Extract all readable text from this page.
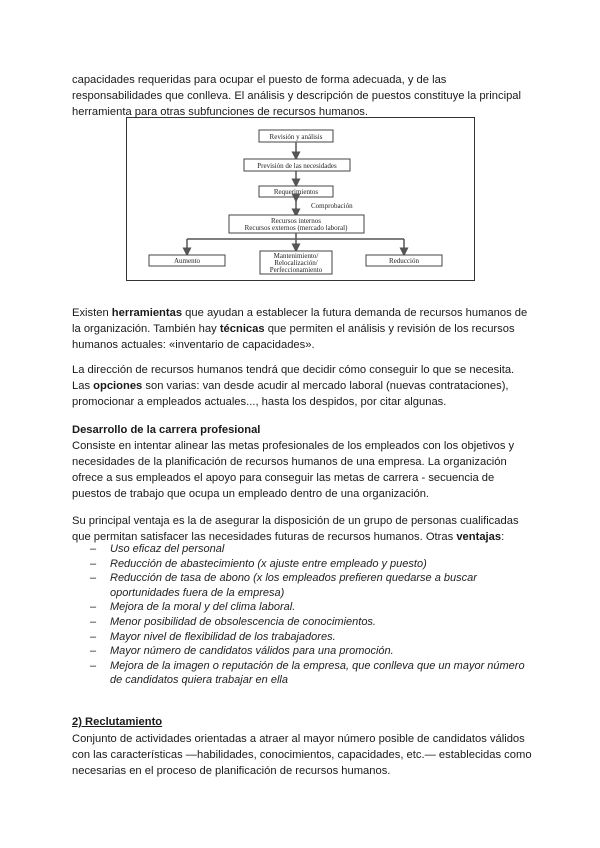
capacidades requeridas para ocupar el puesto de forma adecuada, y de las responsabilidades que conlleva. El análisis y descripción de puestos constituye la principal herramienta para otras subfunciones de recursos humanos.

Revisión y análisis
Previsión de las necesidades
Requerimientos
Comprobación
Recursos internos
Recursos externos (mercado laboral)
Aumento
Mantenimiento/
Relocalización/
Perfeccionamiento
Reducción

Existen herramientas que ayudan a establecer la futura demanda de recursos humanos de la organización. También hay técnicas que permiten el análisis y revisión de los recursos humanos actuales: «inventario de capacidades».

La dirección de recursos humanos tendrá que decidir cómo conseguir lo que se necesita. Las opciones son varias: van desde acudir al mercado laboral (nuevas contrataciones), promocionar a empleados actuales..., hasta los despidos, por citar algunas.

Desarrollo de la carrera profesional

Consiste en intentar alinear las metas profesionales de los empleados con los objetivos y necesidades de la planificación de recursos humanos de una empresa. La organización ofrece a sus empleados el apoyo para conseguir las metas de carrera - secuencia de puestos de trabajo que ocupa un empleado dentro de una organización.

Su principal ventaja es la de asegurar la disposición de un grupo de personas cualificadas que permitan satisfacer las necesidades futuras de recursos humanos. Otras ventajas:

– Uso eficaz del personal
– Reducción de abastecimiento (x ajuste entre empleado y puesto)
– Reducción de tasa de abono (x los empleados prefieren quedarse a buscar oportunidades fuera de la empresa)
– Mejora de la moral y del clima laboral.
– Menor posibilidad de obsolescencia de conocimientos.
– Mayor nivel de flexibilidad de los trabajadores.
– Mayor número de candidatos válidos para una promoción.
– Mejora de la imagen o reputación de la empresa, que conlleva que un mayor número de candidatos quiera trabajar en ella

2) Reclutamiento

Conjunto de actividades orientadas a atraer al mayor número posible de candidatos válidos con las características —habilidades, conocimientos, capacidades, etc.— establecidas como necesarias en el proceso de planificación de recursos humanos.
